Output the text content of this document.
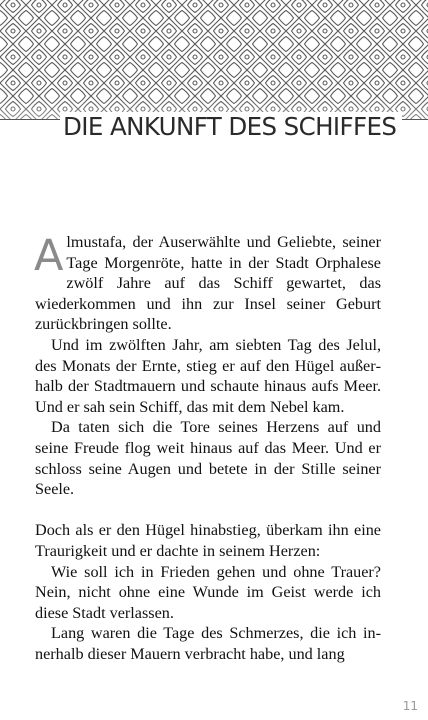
DIE ANKUNFT DES SCHIFFES

Almustafa, der Auserwählte und Geliebte, seiner Tage Morgenröte, hatte in der Stadt Orphalese zwölf Jahre auf das Schiff gewartet, das wiederkommen und ihn zur Insel seiner Geburt zurückbringen sollte.

Und im zwölften Jahr, am siebten Tag des Jelul, des Monats der Ernte, stieg er auf den Hügel außerhalb der Stadtmauern und schaute hinaus aufs Meer. Und er sah sein Schiff, das mit dem Nebel kam.

Da taten sich die Tore seines Herzens auf und seine Freude flog weit hinaus auf das Meer. Und er schloss seine Augen und betete in der Stille seiner Seele.

Doch als er den Hügel hinabstieg, überkam ihn eine Traurigkeit und er dachte in seinem Herzen:

Wie soll ich in Frieden gehen und ohne Trauer? Nein, nicht ohne eine Wunde im Geist werde ich diese Stadt verlassen.

Lang waren die Tage des Schmerzes, die ich innerhalb dieser Mauern verbracht habe, und lang

11
